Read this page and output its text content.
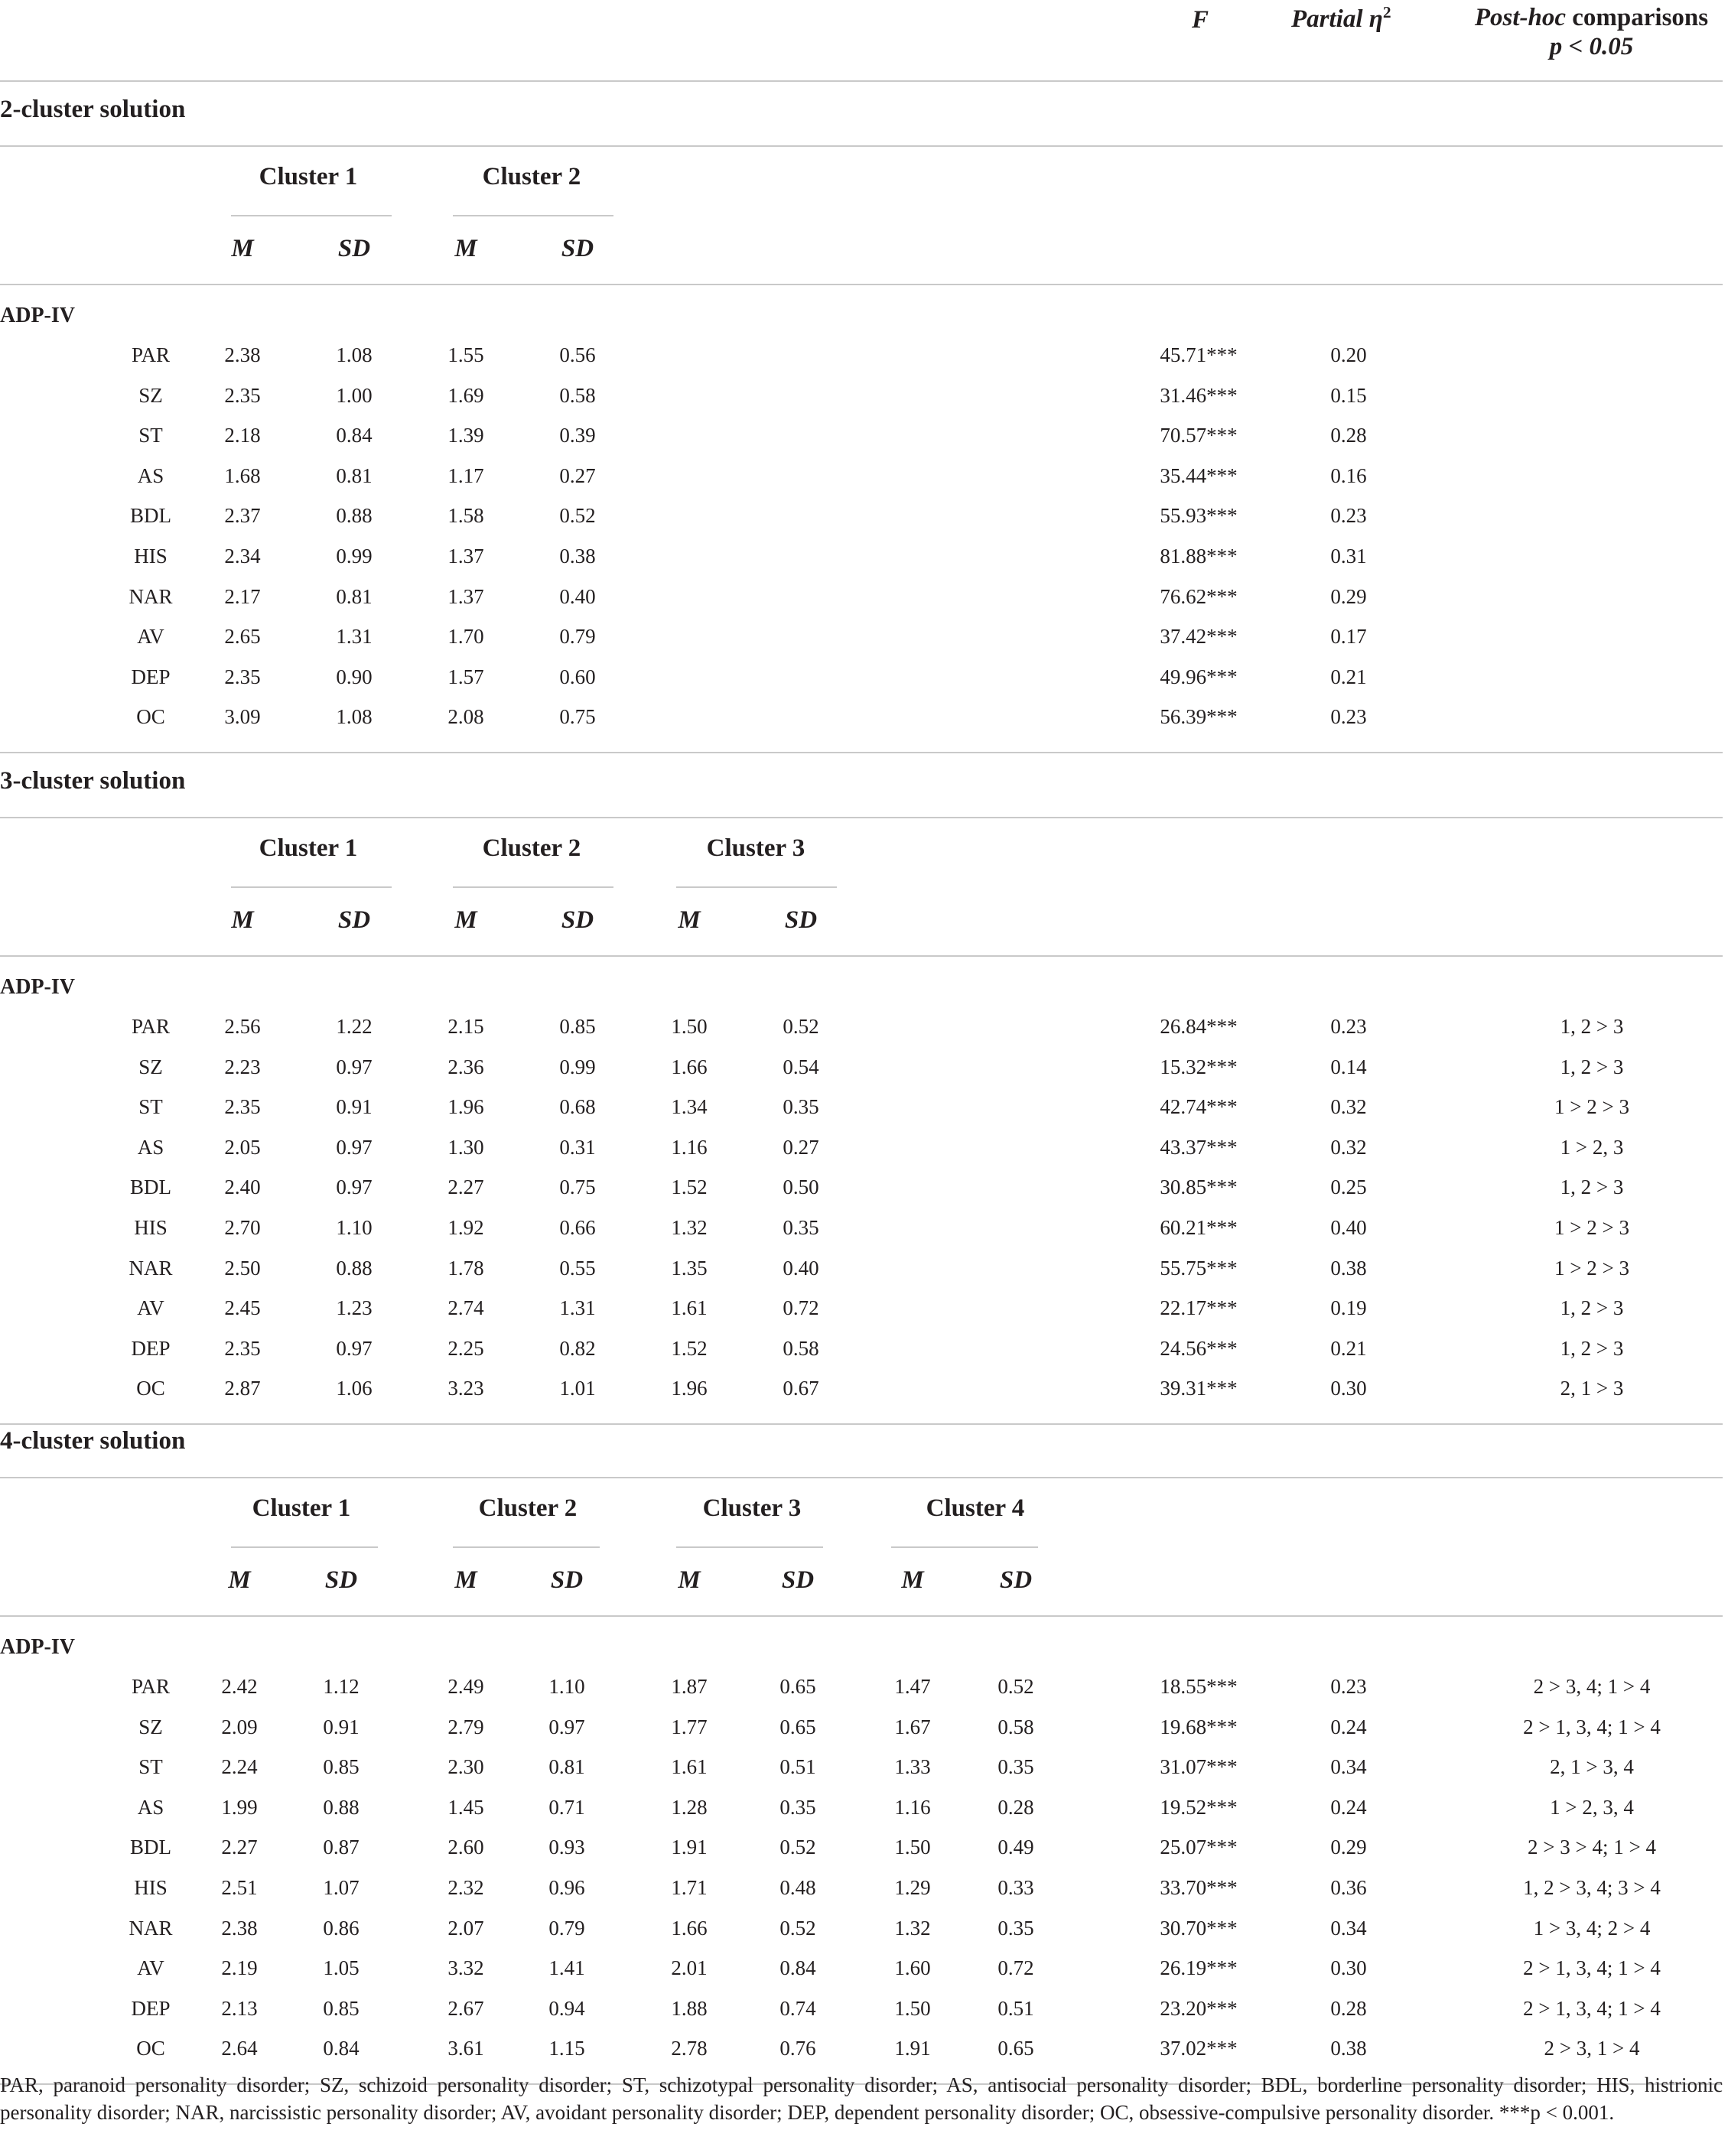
F	Partial $\eta^2$	Post-hoc comparisons
p < 0.05
2-cluster solution
Cluster 1
M	SD
Cluster 2
M	SD
ADP-IV
PAR	2.38	1.08	1.55	0.56	45.71***	0.20
SZ	2.35	1.00	1.69	0.58	31.46***	0.15
ST	2.18	0.84	1.39	0.39	70.57***	0.28
AS	1.68	0.81	1.17	0.27	35.44***	0.16
BDL	2.37	0.88	1.58	0.52	55.93***	0.23
HIS	2.34	0.99	1.37	0.38	81.88***	0.31
NAR	2.17	0.81	1.37	0.40	76.62***	0.29
AV	2.65	1.31	1.70	0.79	37.42***	0.17
DEP	2.35	0.90	1.57	0.60	49.96***	0.21
OC	3.09	1.08	2.08	0.75	56.39***	0.23
3-cluster solution
Cluster 1
M	SD
Cluster 2
M	SD
Cluster 3
M	SD
ADP-IV
PAR	2.56	1.22	2.15	0.85	1.50	0.52	26.84***	0.23	1, 2 > 3
SZ	2.23	0.97	2.36	0.99	1.66	0.54	15.32***	0.14	1, 2 > 3
ST	2.35	0.91	1.96	0.68	1.34	0.35	42.74***	0.32	1 > 2 > 3
AS	2.05	0.97	1.30	0.31	1.16	0.27	43.37***	0.32	1 > 2, 3
BDL	2.40	0.97	2.27	0.75	1.52	0.50	30.85***	0.25	1, 2 > 3
HIS	2.70	1.10	1.92	0.66	1.32	0.35	60.21***	0.40	1 > 2 > 3
NAR	2.50	0.88	1.78	0.55	1.35	0.40	55.75***	0.38	1 > 2 > 3
AV	2.45	1.23	2.74	1.31	1.61	0.72	22.17***	0.19	1, 2 > 3
DEP	2.35	0.97	2.25	0.82	1.52	0.58	24.56***	0.21	1, 2 > 3
OC	2.87	1.06	3.23	1.01	1.96	0.67	39.31***	0.30	2, 1 > 3
4-cluster solution
Cluster 1
M	SD
Cluster 2
M	SD
Cluster 3
M	SD
Cluster 4
M	SD
ADP-IV
PAR	2.42	1.12	2.49	1.10	1.87	0.65	1.47	0.52	18.55***	0.23	2 > 3, 4; 1 > 4
SZ	2.09	0.91	2.79	0.97	1.77	0.65	1.67	0.58	19.68***	0.24	2 > 1, 3, 4; 1 > 4
ST	2.24	0.85	2.30	0.81	1.61	0.51	1.33	0.35	31.07***	0.34	2, 1 > 3, 4
AS	1.99	0.88	1.45	0.71	1.28	0.35	1.16	0.28	19.52***	0.24	1 > 2, 3, 4
BDL	2.27	0.87	2.60	0.93	1.91	0.52	1.50	0.49	25.07***	0.29	2 > 3 > 4; 1 > 4
HIS	2.51	1.07	2.32	0.96	1.71	0.48	1.29	0.33	33.70***	0.36	1, 2 > 3, 4; 3 > 4
NAR	2.38	0.86	2.07	0.79	1.66	0.52	1.32	0.35	30.70***	0.34	1 > 3, 4; 2 > 4
AV	2.19	1.05	3.32	1.41	2.01	0.84	1.60	0.72	26.19***	0.30	2 > 1, 3, 4; 1 > 4
DEP	2.13	0.85	2.67	0.94	1.88	0.74	1.50	0.51	23.20***	0.28	2 > 1, 3, 4; 1 > 4
OC	2.64	0.84	3.61	1.15	2.78	0.76	1.91	0.65	37.02***	0.38	2 > 3, 1 > 4
PAR, paranoid personality disorder; SZ, schizoid personality disorder; ST, schizotypal personality disorder; AS, antisocial personality disorder; BDL, borderline personality disorder; HIS, histrionic personality disorder; NAR, narcissistic personality disorder; AV, avoidant personality disorder; DEP, dependent personality disorder; OC, obsessive-compulsive personality disorder. ***p < 0.001.
